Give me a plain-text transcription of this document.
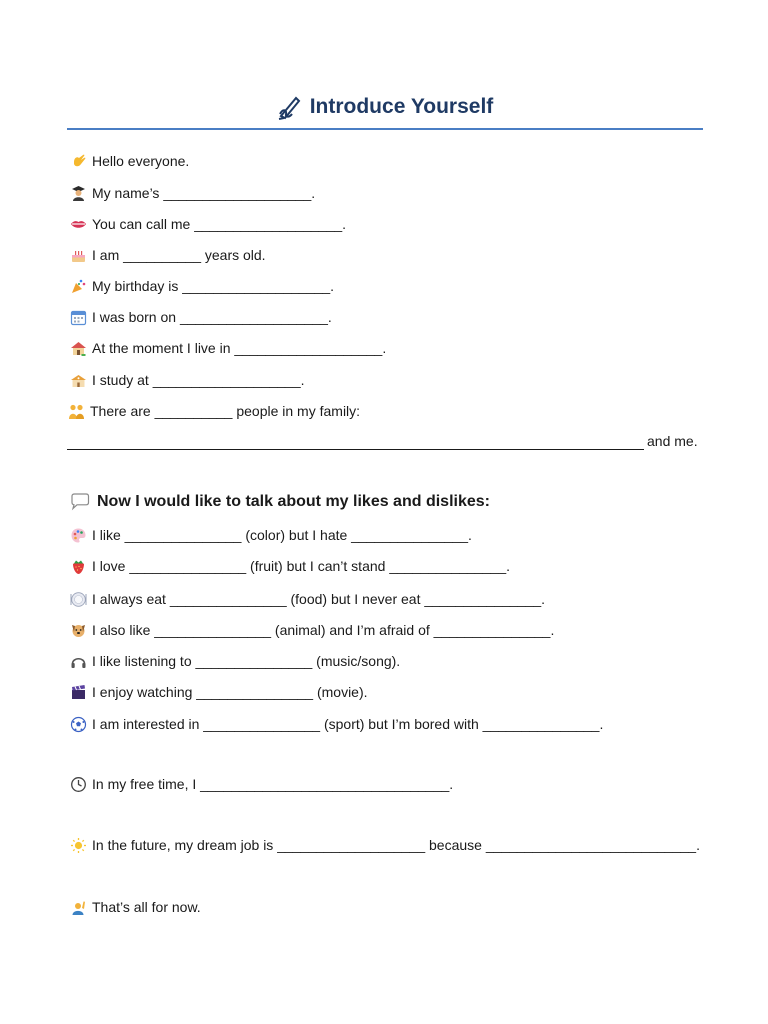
Introduce Yourself
Hello everyone.
My name’s ___________________.
You can call me ___________________.
I am __________ years old.
My birthday is ___________________.
I was born on ___________________.
At the moment I live in ___________________.
I study at ___________________.
There are __________ people in my family:
and me.
Now I would like to talk about my likes and dislikes:
I like _______________ (color) but I hate _______________.
I love _______________ (fruit) but I can’t stand _______________.
I always eat _______________ (food) but I never eat _______________.
I also like _______________ (animal) and I’m afraid of _______________.
I like listening to _______________ (music/song).
I enjoy watching _______________ (movie).
I am interested in _______________ (sport) but I’m bored with _______________.
In my free time, I ________________________________.
In the future, my dream job is ___________________ because ___________________________.
That’s all for now.
